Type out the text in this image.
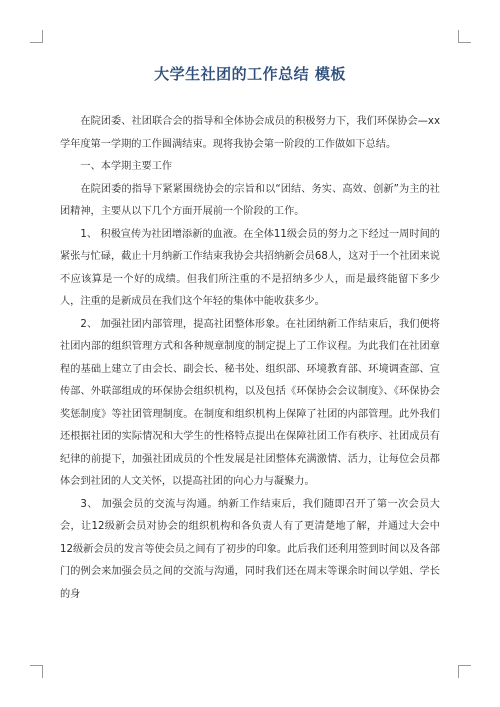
大学生社团的工作总结 模板

在院团委、社团联合会的指导和全体协会成员的积极努力下，我们环保协会—xx学年度第一学期的工作圆满结束。现将我协会第一阶段的工作做如下总结。

一、本学期主要工作

在院团委的指导下紧紧围绕协会的宗旨和以“团结、务实、高效、创新”为主的社团精神，主要从以下几个方面开展前一个阶段的工作。

1、 积极宣传为社团增添新的血液。在全体11级会员的努力之下经过一周时间的紧张与忙碌，截止十月纳新工作结束我协会共招纳新会员68人，这对于一个社团来说不应该算是一个好的成绩。但我们所注重的不是招纳多少人，而是最终能留下多少人，注重的是新成员在我们这个年轻的集体中能收获多少。

2、 加强社团内部管理，提高社团整体形象。在社团纳新工作结束后，我们便将社团内部的组织管理方式和各种规章制度的制定提上了工作议程。为此我们在社团章程的基础上建立了由会长、副会长、秘书处、组织部、环境教育部、环境调查部、宣传部、外联部组成的环保协会组织机构，以及包括《环保协会会议制度》、《环保协会奖惩制度》等社团管理制度。在制度和组织机构上保障了社团的内部管理。此外我们还根据社团的实际情况和大学生的性格特点提出在保障社团工作有秩序、社团成员有纪律的前提下，加强社团成员的个性发展是社团整体充满激情、活力，让每位会员都体会到社团的人文关怀，以提高社团的向心力与凝聚力。

3、 加强会员的交流与沟通。纳新工作结束后，我们随即召开了第一次会员大会，让12级新会员对协会的组织机构和各负责人有了更清楚地了解，并通过大会中12级新会员的发言等使会员之间有了初步的印象。此后我们还利用签到时间以及各部门的例会来加强会员之间的交流与沟通，同时我们还在周末等课余时间以学姐、学长的身
